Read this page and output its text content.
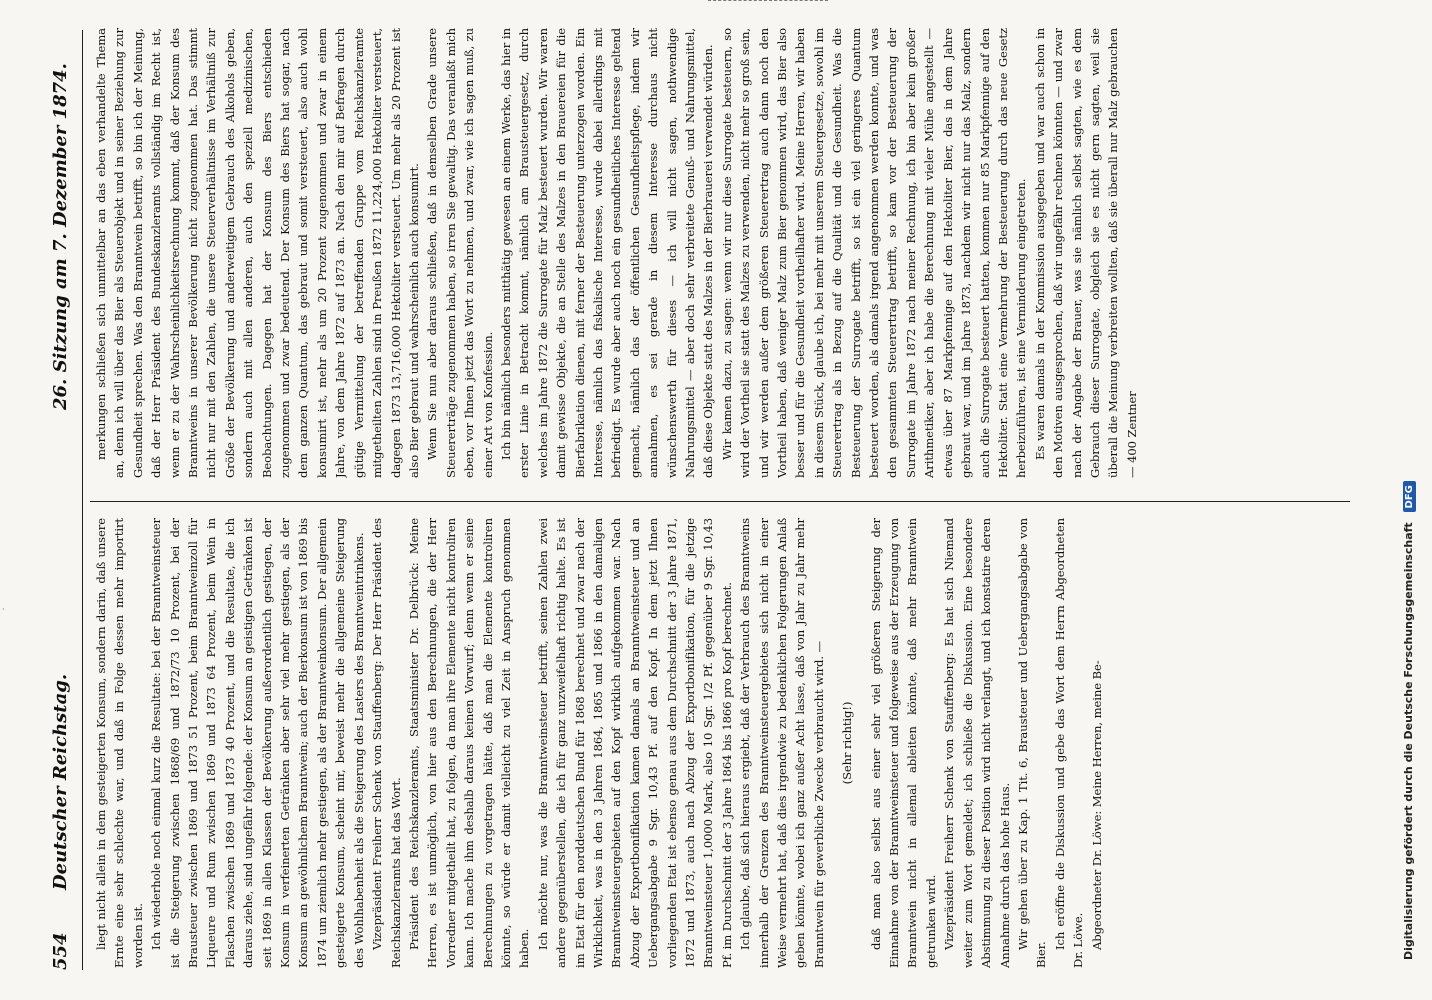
·
554
Deutscher Reichstag.
26. Sitzung am 7. Dezember 1874.

liegt nicht allein in dem gesteigerten Konsum, sondern darin, daß unsere Ernte eine sehr schlechte war, und daß in Folge dessen mehr importirt worden ist. Ich wiederhole noch einmal kurz die Resultate: bei der Branntweinsteuer ist die Steigerung zwischen 1868/69 und 1872/73 10 Prozent, bei der Brausteuer zwischen 1869 und 1873 51 Prozent, beim Branntweinzoll für Liqueure und Rum zwischen 1869 und 1873 64 Prozent, beim Wein in Flaschen zwischen 1869 und 1873 40 Prozent, und die Resultate, die ich daraus ziehe, sind ungefähr folgende: der Konsum an geistigen Getränken ist seit 1869 in allen Klassen der Bevölkerung außerordentlich gestiegen, der Konsum in verfeinerten Getränken aber sehr viel mehr gestiegen, als der Konsum an gewöhnlichem Branntwein; auch der Bierkonsum ist von 1869 bis 1874 um ziemlich mehr gestiegen, als der Branntweinkonsum. Der allgemein gesteigerte Konsum, scheint mir, beweist mehr die allgemeine Steigerung des Wohlhabenheit als die Steigerung des Lasters des Branntweintrinkens. Vizepräsident Freiherr Schenk von Stauffenberg: Der Herr Präsident des Reichskanzleramts hat das Wort. Präsident des Reichskanzleramts, Staatsminister Dr. Delbrück: Meine Herren, es ist unmöglich, von hier aus den Berechnungen, die der Herr Vorredner mitgetheilt hat, zu folgen, da man ihre Elemente nicht kontroliren kann. Ich mache ihm deshalb daraus keinen Vorwurf; denn wenn er seine Berechnungen zu vorgetragen hätte, daß man die Elemente kontroliren könnte, so würde er damit vielleicht zu viel Zeit in Anspruch genommen haben. Ich möchte nur, was die Branntweinsteuer betrifft, seinen Zahlen zwei andere gegenüberstellen, die ich für ganz unzweifelhaft richtig halte. Es ist im Etat für den norddeutschen Bund für 1868 berechnet und zwar nach der Wirklichkeit, was in den 3 Jahren 1864, 1865 und 1866 in den damaligen Branntweinsteuergebieten auf den Kopf wirklich aufgekommen war. Nach Abzug der Exportbonifikation kamen damals an Branntweinsteuer und an Uebergangsabgabe 9 Sgr. 10,43 Pf. auf den Kopf. In dem jetzt Ihnen vorliegenden Etat ist ebenso genau aus dem Durchschnitt der 3 Jahre 1871, 1872 und 1873, auch nach Abzug der Exportbonifikation, für die jetzige Branntweinsteuer 1,0000 Mark, also 10 Sgr. 1/2 Pf. gegenüber 9 Sgr. 10,43 Pf. im Durchschnitt der 3 Jahre 1864 bis 1866 pro Kopf berechnet. Ich glaube, daß sich hieraus ergiebt, daß der Verbrauch des Branntweins innerhalb der Grenzen des Branntweinsteuergebietes sich nicht in einer Weise vermehrt hat, daß dies irgendwie zu bedenklichen Folgerungen Anlaß geben könnte, wobei ich ganz außer Acht lasse, daß von Jahr zu Jahr mehr Branntwein für gewerbliche Zwecke verbraucht wird. — (Sehr richtig!) daß man also selbst aus einer sehr viel größeren Steigerung der Einnahme von der Branntweinsteuer und folgeweise aus der Erzeugung von Branntwein nicht in allemal ableiten könnte, daß mehr Branntwein getrunken wird. Vizepräsident Freiherr Schenk von Stauffenberg: Es hat sich Niemand weiter zum Wort gemeldet; ich schließe die Diskussion. Eine besondere Abstimmung zu dieser Position wird nicht verlangt, und ich konstatire deren Annahme durch das hohe Haus. Wir gehen über zu Kap. 1 Tit. 6, Brausteuer und Uebergangsabgabe von Bier.

Ich eröffne die Diskussion und gebe das Wort dem Herrn Abgeordneten Dr. Löwe. Abgeordneter Dr. Löwe: Meine Herren, meine Be-

merkungen schließen sich unmittelbar an das eben verhandelte Thema an, denn ich will über das Bier als Steuerobjekt und in seiner Beziehung zur Gesundheit sprechen. Was den Branntwein betrifft, so bin ich der Meinung, daß der Herr Präsident des Bundeskanzleramts vollständig im Recht ist, wenn er zu der Wahrscheinlichkeitsrechnung kommt, daß der Konsum des Branntweins in unserer Bevölkerung nicht zugenommen hat. Das stimmt nicht nur mit den Zahlen, die unsere Steuerverhältnisse im Verhältniß zur Größe der Bevölkerung und anderweitigem Gebrauch des Alkohols geben, sondern auch mit allen anderen, auch den speziell medizinischen, Beobachtungen. Dagegen hat der Konsum des Biers entschieden zugenommen und zwar bedeutend. Der Konsum des Biers hat sogar, nach dem ganzen Quantum, das gebraut und somit versteuert, also auch wohl konsumirt ist, mehr als um 20 Prozent zugenommen und zwar in einem Jahre, von dem Jahre 1872 auf 1873 an. Nach den mir auf Befragen durch gütige Vermittelung der betreffenden Gruppe vom Reichskanzleramte mitgetheilten Zahlen sind in Preußen 1872 11,224,000 Hektoliter versteuert, dagegen 1873 13,716,000 Hektoliter versteuert. Um mehr als 20 Prozent ist also Bier gebraut und wahrscheinlich auch konsumirt. Wenn Sie nun aber daraus schließen, daß in demselben Grade unsere Steuererträge zugenommen haben, so irren Sie gewaltig. Das veranlaßt mich eben, vor Ihnen jetzt das Wort zu nehmen, und zwar, wie ich sagen muß, zu einer Art von Konfession. Ich bin nämlich besonders mitthätig gewesen an einem Werke, das hier in erster Linie in Betracht kommt, nämlich am Brausteuergesetz, durch welches im Jahre 1872 die Surrogate für Malz besteuert wurden. Wir waren damit gewisse Objekte, die an Stelle des Malzes in den Brauereien für die Bierfabrikation dienen, mit ferner der Besteuerung unterzogen worden. Ein Interesse, nämlich das fiskalische Interesse, wurde dabei allerdings mit befriedigt. Es wurde aber auch noch ein gesundheitliches Interesse geltend gemacht, nämlich das der öffentlichen Gesundheitspflege, indem wir annahmen, es sei gerade in diesem Interesse durchaus nicht wünschenswerth für dieses — ich will nicht sagen, nothwendige Nahrungsmittel — aber doch sehr verbreitete Genuß- und Nahrungsmittel, daß diese Objekte statt des Malzes in der Bierbrauerei verwendet würden. Wir kamen dazu, zu sagen: wenn wir nur diese Surrogate besteuern, so wird der Vortheil sie statt des Malzes zu verwenden, nicht mehr so groß sein, und wir werden außer dem größeren Steuerertrag auch dann noch den Vortheil haben, daß weniger Malz zum Bier genommen wird, das Bier also besser und für die Gesundheit vortheilhafter wird. Meine Herren, wir haben in diesem Stück, glaube ich, bei mehr mit unserem Steuergesetze, sowohl im Steuerertrag als in Bezug auf die Qualität und die Gesundheit. Was die Besteuerung der Surrogate betrifft, so ist ein viel geringeres Quantum besteuert worden, als damals irgend angenommen werden konnte, und was den gesammten Steuerertrag betrifft, so kam vor der Besteuerung der Surrogate im Jahre 1872 nach meiner Rechnung, ich bin aber kein großer Arithmetiker, aber ich habe die Berechnung mit vieler Mühe angestellt — etwas über 87 Markpfennige auf den Hektoliter Bier, das in dem Jahre gebraut war, und im Jahre 1873, nachdem wir nicht nur das Malz, sondern auch die Surrogate besteuert hatten, kommen nur 85 Markpfennige auf den Hektoliter. Statt eine Vermehrung der Besteuerung durch das neue Gesetz herbeizuführen, ist eine Verminderung eingetreten. Es waren damals in der Kommission ausgegeben und war auch schon in den Motiven ausgesprochen, daß wir ungefähr rechnen könnten — und zwar nach der Angabe der Brauer, was sie nämlich selbst sagten, wie es dem Gebrauch dieser Surrogate, obgleich sie es nicht gern sagten, weil sie überall die Meinung verbreiten wollten, daß sie überall nur Malz gebrauchen — 400 Zentner

Digitalisierung gefördert durch die Deutsche Forschungsgemeinschaft DFG
